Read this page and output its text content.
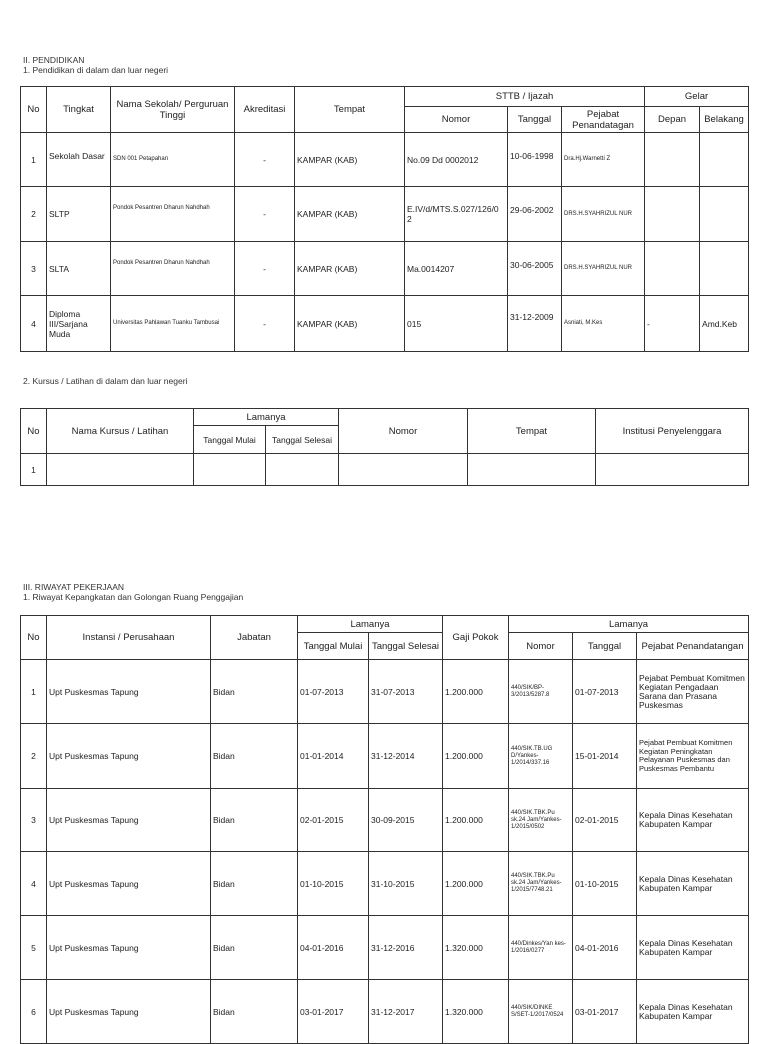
II. PENDIDIKAN
1. Pendidikan di dalam dan luar negeri
No	Tingkat	Nama Sekolah/ Perguruan Tinggi	Akreditasi	Tempat	STTB / Ijazah			Gelar	
					Nomor	Tanggal	Pejabat Penandatagan	Depan	Belakang
1	Sekolah Dasar	SDN 001 Petapahan	-	KAMPAR (KAB)	No.09 Dd 0002012	10-06-1998	Dra.Hj.Warnetti Z		
2	SLTP	Pondok Pesantren Dharun Nahdhah	-	KAMPAR (KAB)	E.IV/d/MTS.S.027/126/0 2	29-06-2002	DRS.H.SYAHRIZUL NUR		
3	SLTA	Pondok Pesantren Dharun Nahdhah	-	KAMPAR (KAB)	Ma.0014207	30-06-2005	DRS.H.SYAHRIZUL NUR		
4	Diploma III/Sarjana Muda	Universitas Pahlawan Tuanku Tambusai	-	KAMPAR (KAB)	015	31-12-2009	Asniati, M.Kes	-	Amd.Keb
2. Kursus / Latihan di dalam dan luar negeri
No	Nama Kursus / Latihan	Lamanya		Nomor	Tempat	Institusi Penyelenggara
		Tanggal Mulai	Tanggal Selesai			
1						
III. RIWAYAT PEKERJAAN
1. Riwayat Kepangkatan dan Golongan Ruang Penggajian
No	Instansi / Perusahaan	Jabatan	Lamanya		Gaji Pokok	Lamanya		
			Tanggal Mulai	Tanggal Selesai		Nomor	Tanggal	Pejabat Penandatangan
1	Upt Puskesmas Tapung	Bidan	01-07-2013	31-07-2013	1.200.000	440/SIK/BP-3/2013/5287.8	01-07-2013	Pejabat Pembuat Komitmen Kegiatan Pengadaan Sarana dan Prasana Puskesmas
2	Upt Puskesmas Tapung	Bidan	01-01-2014	31-12-2014	1.200.000	440/SIK.TB.UG D/Yankes-1/2014/337.16	15-01-2014	Pejabat Pembuat Komitmen Kegiatan Peningkatan Pelayanan Puskesmas dan Puskesmas Pembantu
3	Upt Puskesmas Tapung	Bidan	02-01-2015	30-09-2015	1.200.000	440/SIK.TBK.Pu sk.24 Jam/Yankes-1/2015/0502	02-01-2015	Kepala Dinas Kesehatan Kabupaten Kampar
4	Upt Puskesmas Tapung	Bidan	01-10-2015	31-10-2015	1.200.000	440/SIK.TBK.Pu sk.24 Jam/Yankes-1/2015/7748.21	01-10-2015	Kepala Dinas Kesehatan Kabupaten Kampar
5	Upt Puskesmas Tapung	Bidan	04-01-2016	31-12-2016	1.320.000	440/Dinkes/Yan kes-1/2016/0277	04-01-2016	Kepala Dinas Kesehatan Kabupaten Kampar
6	Upt Puskesmas Tapung	Bidan	03-01-2017	31-12-2017	1.320.000	440/SIK/DINKE S/SET-1/2017/0524	03-01-2017	Kepala Dinas Kesehatan Kabupaten Kampar
